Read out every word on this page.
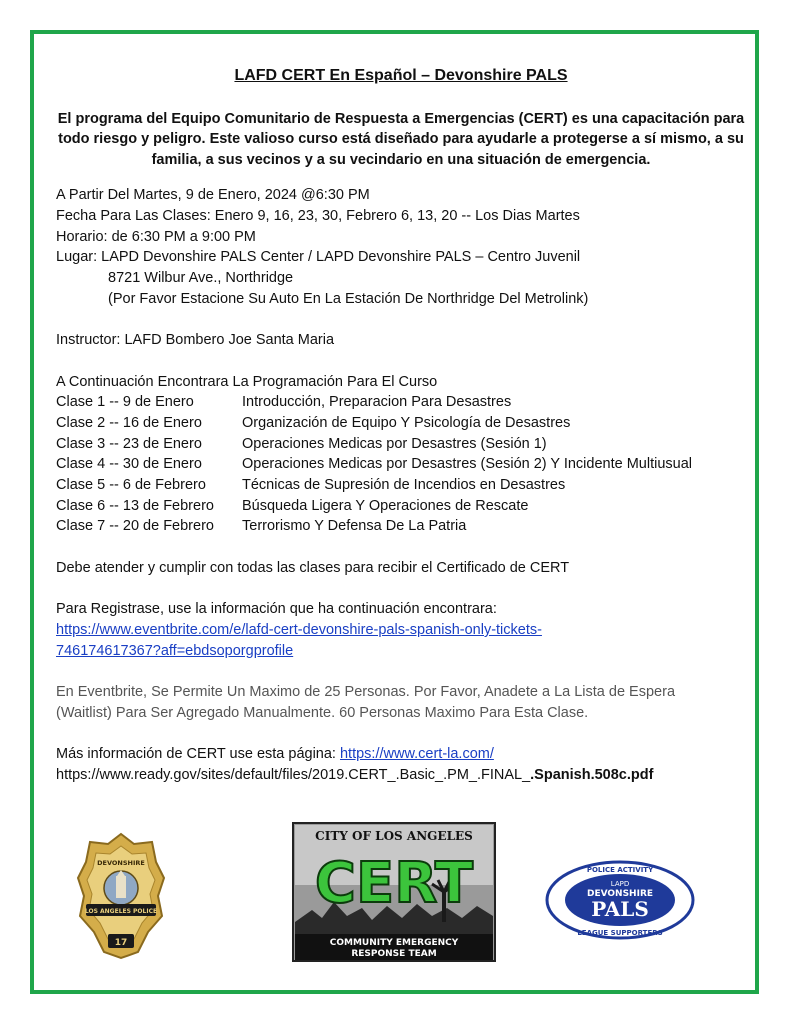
LAFD CERT En Español – Devonshire PALS

El programa del Equipo Comunitario de Respuesta a Emergencias (CERT) es una capacitación para todo riesgo y peligro. Este valioso curso está diseñado para ayudarle a protegerse a sí mismo, a su familia, a sus vecinos y a su vecindario en una situación de emergencia.

A Partir Del Martes, 9 de Enero, 2024 @6:30 PM
Fecha Para Las Clases: Enero 9, 16, 23, 30, Febrero 6, 13, 20 -- Los Dias Martes
Horario: de 6:30 PM a 9:00 PM
Lugar: LAPD Devonshire PALS Center / LAPD Devonshire PALS – Centro Juvenil
8721 Wilbur Ave., Northridge
(Por Favor Estacione Su Auto En La Estación De Northridge Del Metrolink)
Instructor: LAFD Bombero Joe Santa Maria
A Continuación Encontrara La Programación Para El Curso
Clase 1 -- 9 de Enero	Introducción, Preparacion Para Desastres
Clase 2 -- 16 de Enero	Organización de Equipo Y Psicología de Desastres
Clase 3 -- 23 de Enero	Operaciones Medicas por Desastres (Sesión 1)
Clase 4 -- 30 de Enero	Operaciones Medicas por Desastres (Sesión 2) Y Incidente Multiusual
Clase 5 -- 6 de Febrero	Técnicas de Supresión de Incendios en Desastres
Clase 6 -- 13 de Febrero	Búsqueda Ligera Y Operaciones de Rescate
Clase 7 -- 20 de Febrero	Terrorismo Y Defensa De La Patria
Debe atender y cumplir con todas las clases para recibir el Certificado de CERT
Para Registrase, use la información que ha continuación encontrara:
https://www.eventbrite.com/e/lafd-cert-devonshire-pals-spanish-only-tickets-
746174617367?aff=ebdsoporgprofile
En Eventbrite, Se Permite Un Maximo de 25 Personas. Por Favor, Anadete a La Lista de Espera
(Waitlist) Para Ser Agregado Manualmente. 60 Personas Maximo Para Esta Clase.
Más información de CERT use esta página: https://www.cert-la.com/
https://www.ready.gov/sites/default/files/2019.CERT_.Basic_.PM_.FINAL_.Spanish.508c.pdf
DEVONSHIRE
LOS ANGELES POLICE
17
CITY OF LOS ANGELES
CERT
COMMUNITY EMERGENCY
RESPONSE TEAM
POLICE ACTIVITY
LAPD
DEVONSHIRE
PALS
LEAGUE SUPPORTERS
